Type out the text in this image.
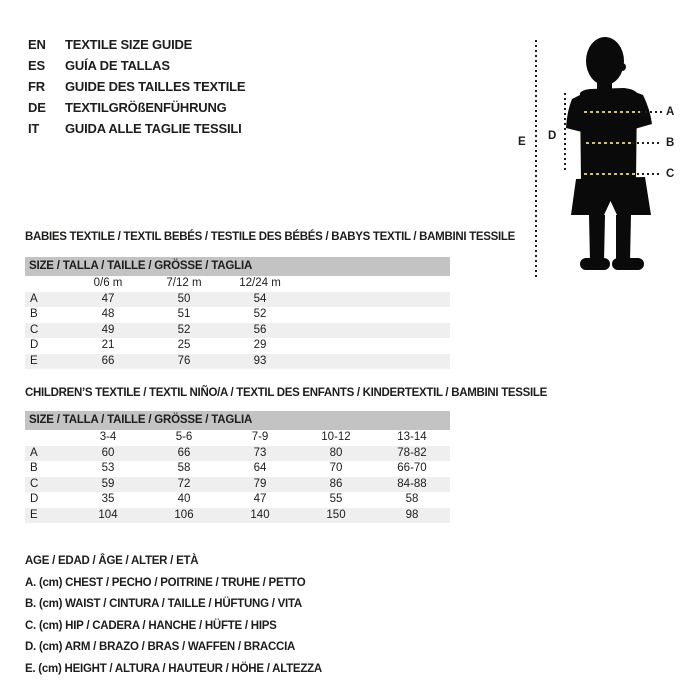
EN TEXTILE SIZE GUIDE
ES GUÍA DE TALLAS
FR GUIDE DES TAILLES TEXTILE
DE TEXTILGRÖßENFÜHRUNG
IT GUIDA ALLE TAGLIE TESSILI
A
B
C
D
E
BABIES TEXTILE / TEXTIL BEBÉS / TESTILE DES BÉBÉS / BABYS TEXTIL / BAMBINI TESSILE
SIZE / TALLA / TAILLE / GRÖSSE / TAGLIA
	0/6 m	7/12 m	12/24 m	
A	47	50	54	
B	48	51	52	
C	49	52	56	
D	21	25	29	
E	66	76	93	
CHILDREN’S TEXTILE / TEXTIL NIÑO/A / TEXTIL DES ENFANTS / KINDERTEXTIL / BAMBINI TESSILE
SIZE / TALLA / TAILLE / GRÖSSE / TAGLIA
	3-4	5-6	7-9	10-12	13-14
A	60	66	73	80	78-82
B	53	58	64	70	66-70
C	59	72	79	86	84-88
D	35	40	47	55	58
E	104	106	140	150	98
AGE / EDAD / ÂGE / ALTER / ETÀ
A. (cm) CHEST / PECHO / POITRINE / TRUHE / PETTO
B. (cm) WAIST / CINTURA / TAILLE / HÜFTUNG / VITA
C. (cm) HIP / CADERA / HANCHE / HÜFTE / HIPS
D. (cm) ARM / BRAZO / BRAS / WAFFEN / BRACCIA
E. (cm) HEIGHT / ALTURA / HAUTEUR / HÖHE / ALTEZZA
